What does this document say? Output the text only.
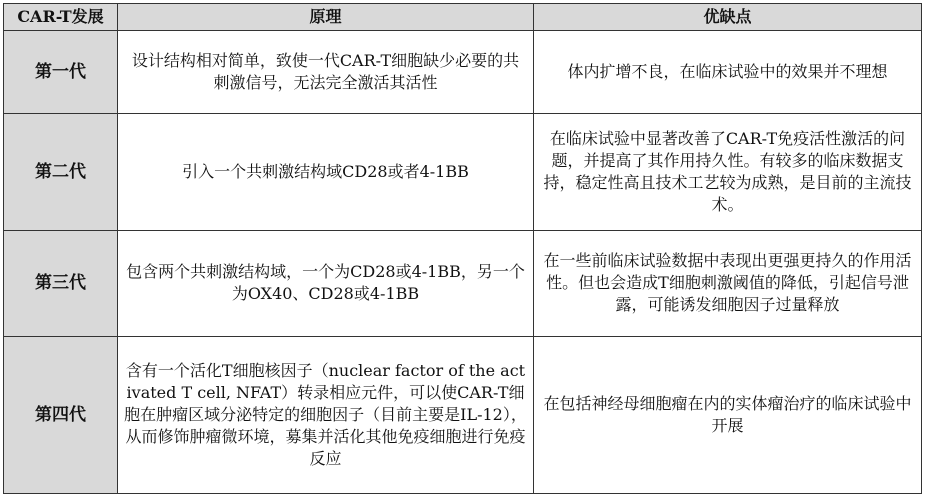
CAR-T发展	原理	优缺点
第一代	设计结构相对简单，致使一代CAR-T细胞缺少必要的共刺激信号，无法完全激活其活性	体内扩增不良，在临床试验中的效果并不理想
第二代	引入一个共刺激结构域CD28或者4-1BB	在临床试验中显著改善了CAR-T免疫活性激活的问题，并提高了其作用持久性。有较多的临床数据支持，稳定性高且技术工艺较为成熟，是目前的主流技术。
第三代	包含两个共刺激结构域，一个为CD28或4-1BB，另一个为OX40、CD28或4-1BB	在一些前临床试验数据中表现出更强更持久的作用活性。但也会造成T细胞刺激阈值的降低，引起信号泄露，可能诱发细胞因子过量释放
第四代	含有一个活化T细胞核因子（nuclear factor of the activated T cell, NFAT）转录相应元件，可以使CAR-T细胞在肿瘤区域分泌特定的细胞因子（目前主要是IL-12），从而修饰肿瘤微环境，募集并活化其他免疫细胞进行免疫反应	在包括神经母细胞瘤在内的实体瘤治疗的临床试验中开展
